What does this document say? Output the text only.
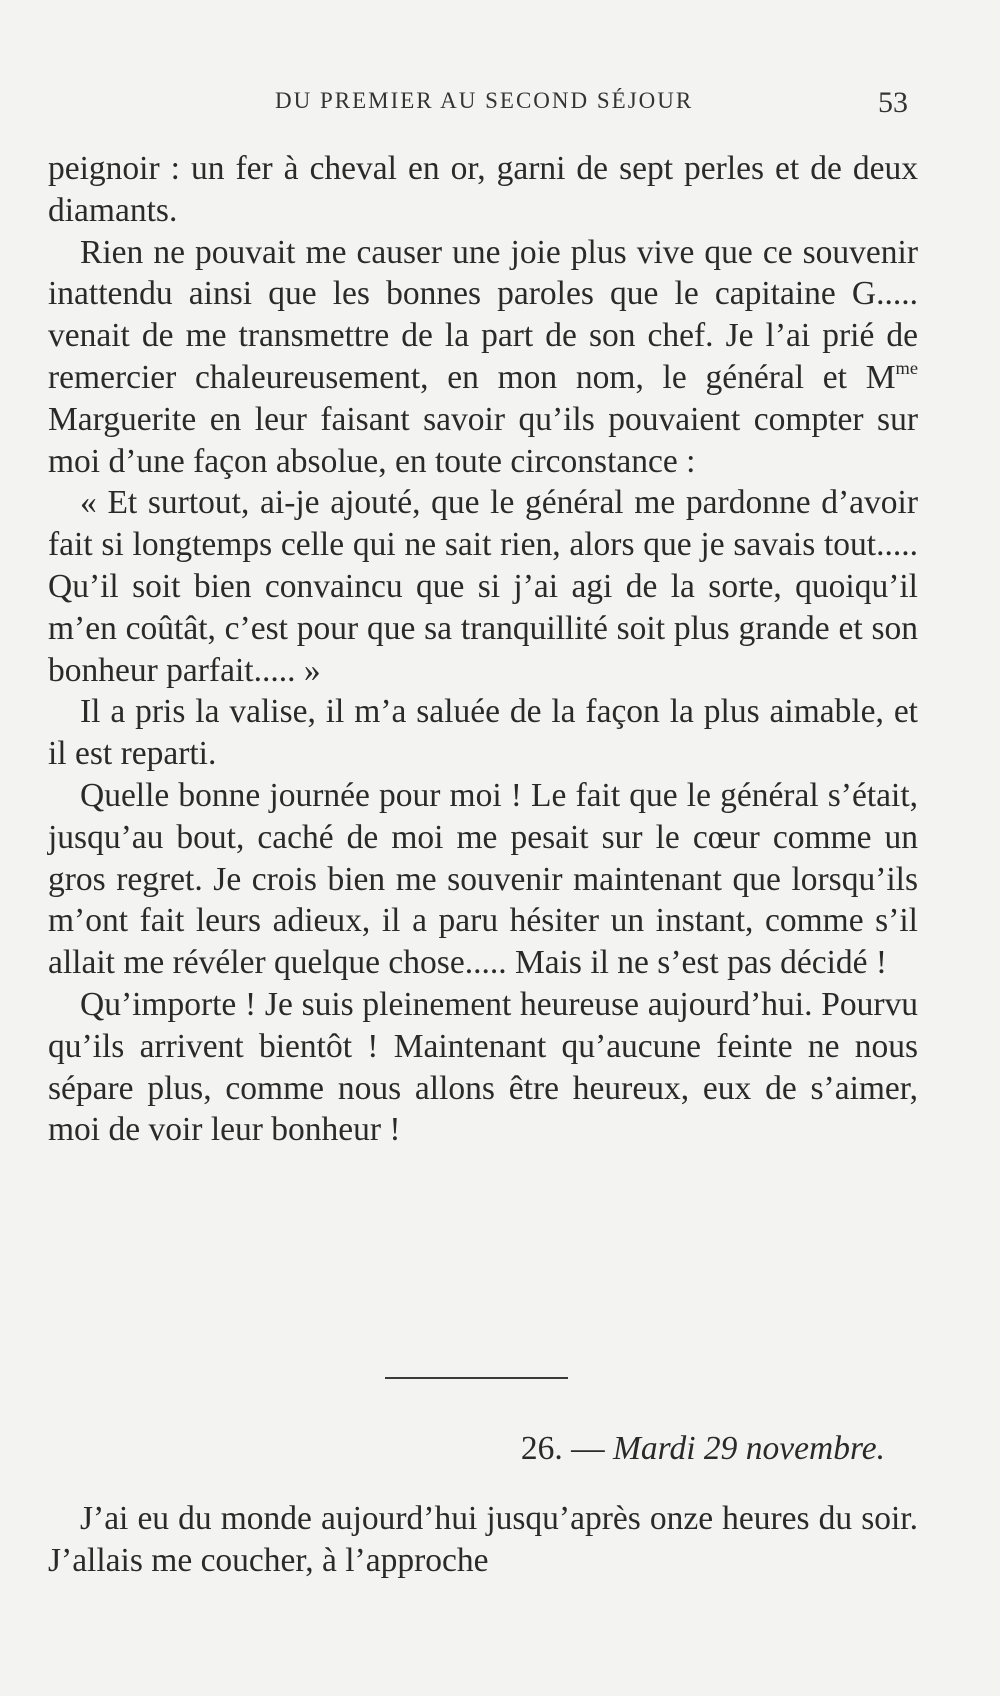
DU PREMIER AU SECOND SÉJOUR	53

peignoir : un fer à cheval en or, garni de sept perles et de deux diamants.

Rien ne pouvait me causer une joie plus vive que ce souvenir inattendu ainsi que les bonnes paroles que le capitaine G..... venait de me transmettre de la part de son chef. Je l’ai prié de remercier chaleureusement, en mon nom, le général et $M^{me}$ Marguerite en leur faisant savoir qu’ils pouvaient compter sur moi d’une façon absolue, en toute circonstance :

« Et surtout, ai-je ajouté, que le général me pardonne d’avoir fait si longtemps celle qui ne sait rien, alors que je savais tout..... Qu’il soit bien convaincu que si j’ai agi de la sorte, quoiqu’il m’en coûtât, c’est pour que sa tranquillité soit plus grande et son bonheur parfait..... »

Il a pris la valise, il m’a saluée de la façon la plus aimable, et il est reparti.

Quelle bonne journée pour moi ! Le fait que le général s’était, jusqu’au bout, caché de moi me pesait sur le cœur comme un gros regret. Je crois bien me souvenir maintenant que lorsqu’ils m’ont fait leurs adieux, il a paru hésiter un instant, comme s’il allait me révéler quelque chose..... Mais il ne s’est pas décidé !

Qu’importe ! Je suis pleinement heureuse aujourd’hui. Pourvu qu’ils arrivent bientôt ! Maintenant qu’aucune feinte ne nous sépare plus, comme nous allons être heureux, eux de s’aimer, moi de voir leur bonheur !

26. — Mardi 29 novembre.

J’ai eu du monde aujourd’hui jusqu’après onze heures du soir. J’allais me coucher, à l’approche
